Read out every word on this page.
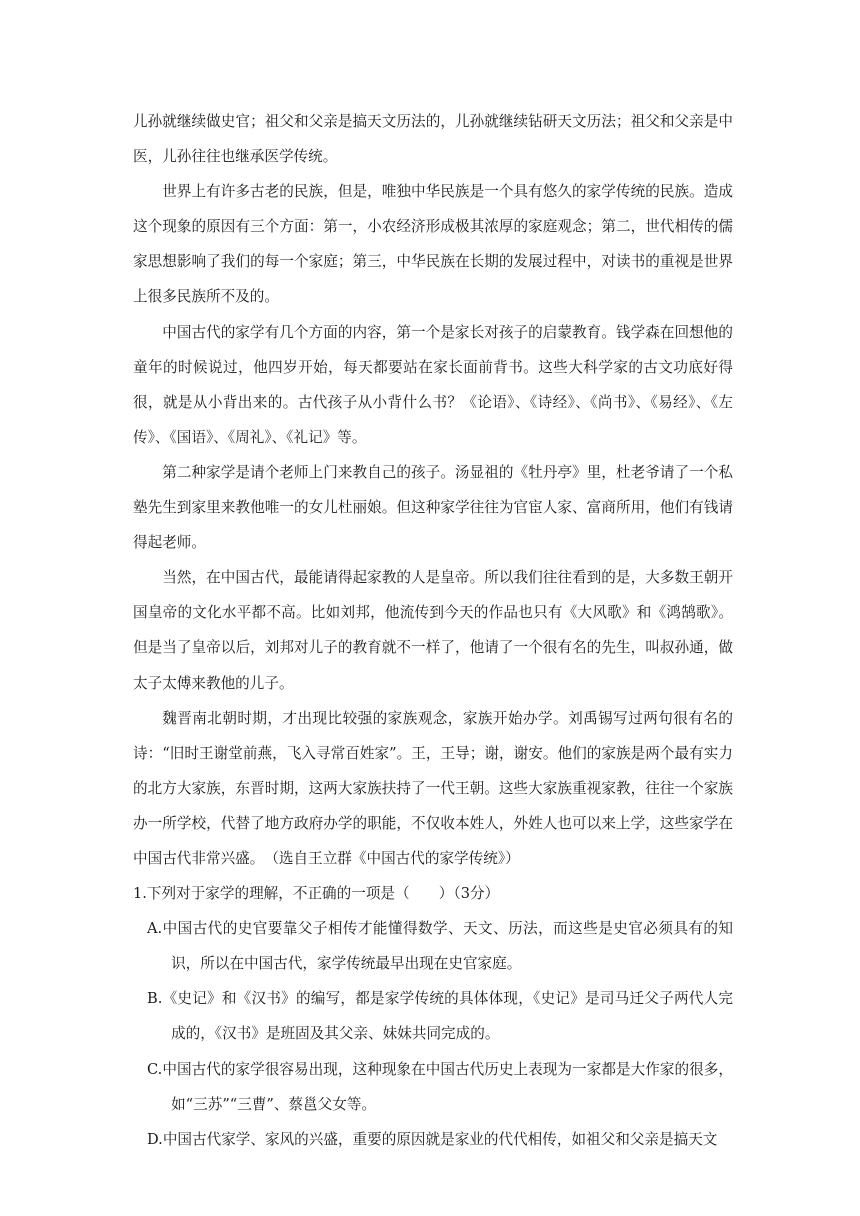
儿孙就继续做史官；祖父和父亲是搞天文历法的，儿孙就继续钻研天文历法；祖父和父亲是中医，儿孙往往也继承医学传统。

世界上有许多古老的民族，但是，唯独中华民族是一个具有悠久的家学传统的民族。造成这个现象的原因有三个方面：第一，小农经济形成极其浓厚的家庭观念；第二，世代相传的儒家思想影响了我们的每一个家庭；第三，中华民族在长期的发展过程中，对读书的重视是世界上很多民族所不及的。

中国古代的家学有几个方面的内容，第一个是家长对孩子的启蒙教育。钱学森在回想他的童年的时候说过，他四岁开始，每天都要站在家长面前背书。这些大科学家的古文功底好得很，就是从小背出来的。古代孩子从小背什么书？《论语》、《诗经》、《尚书》、《易经》、《左传》、《国语》、《周礼》、《礼记》等。

第二种家学是请个老师上门来教自己的孩子。汤显祖的《牡丹亭》里，杜老爷请了一个私塾先生到家里来教他唯一的女儿杜丽娘。但这种家学往往为官宦人家、富商所用，他们有钱请得起老师。

当然，在中国古代，最能请得起家教的人是皇帝。所以我们往往看到的是，大多数王朝开国皇帝的文化水平都不高。比如刘邦，他流传到今天的作品也只有《大风歌》和《鸿鹄歌》。但是当了皇帝以后，刘邦对儿子的教育就不一样了，他请了一个很有名的先生，叫叔孙通，做太子太傅来教他的儿子。

魏晋南北朝时期，才出现比较强的家族观念，家族开始办学。刘禹锡写过两句很有名的诗：“旧时王谢堂前燕，飞入寻常百姓家”。王，王导；谢，谢安。他们的家族是两个最有实力的北方大家族，东晋时期，这两大家族扶持了一代王朝。这些大家族重视家教，往往一个家族办一所学校，代替了地方政府办学的职能，不仅收本姓人，外姓人也可以来上学，这些家学在中国古代非常兴盛。　（选自王立群《中国古代的家学传统》）

1.下列对于家学的理解，不正确的一项是（　　）（3分）

A.中国古代的史官要靠父子相传才能懂得数学、天文、历法，而这些是史官必须具有的知识，所以在中国古代，家学传统最早出现在史官家庭。

B.《史记》和《汉书》的编写，都是家学传统的具体体现，《史记》是司马迁父子两代人完成的，《汉书》是班固及其父亲、妹妹共同完成的。

C.中国古代的家学很容易出现，这种现象在中国古代历史上表现为一家都是大作家的很多，如“三苏”“三曹”、蔡邕父女等。

D.中国古代家学、家风的兴盛，重要的原因就是家业的代代相传，如祖父和父亲是搞天文
